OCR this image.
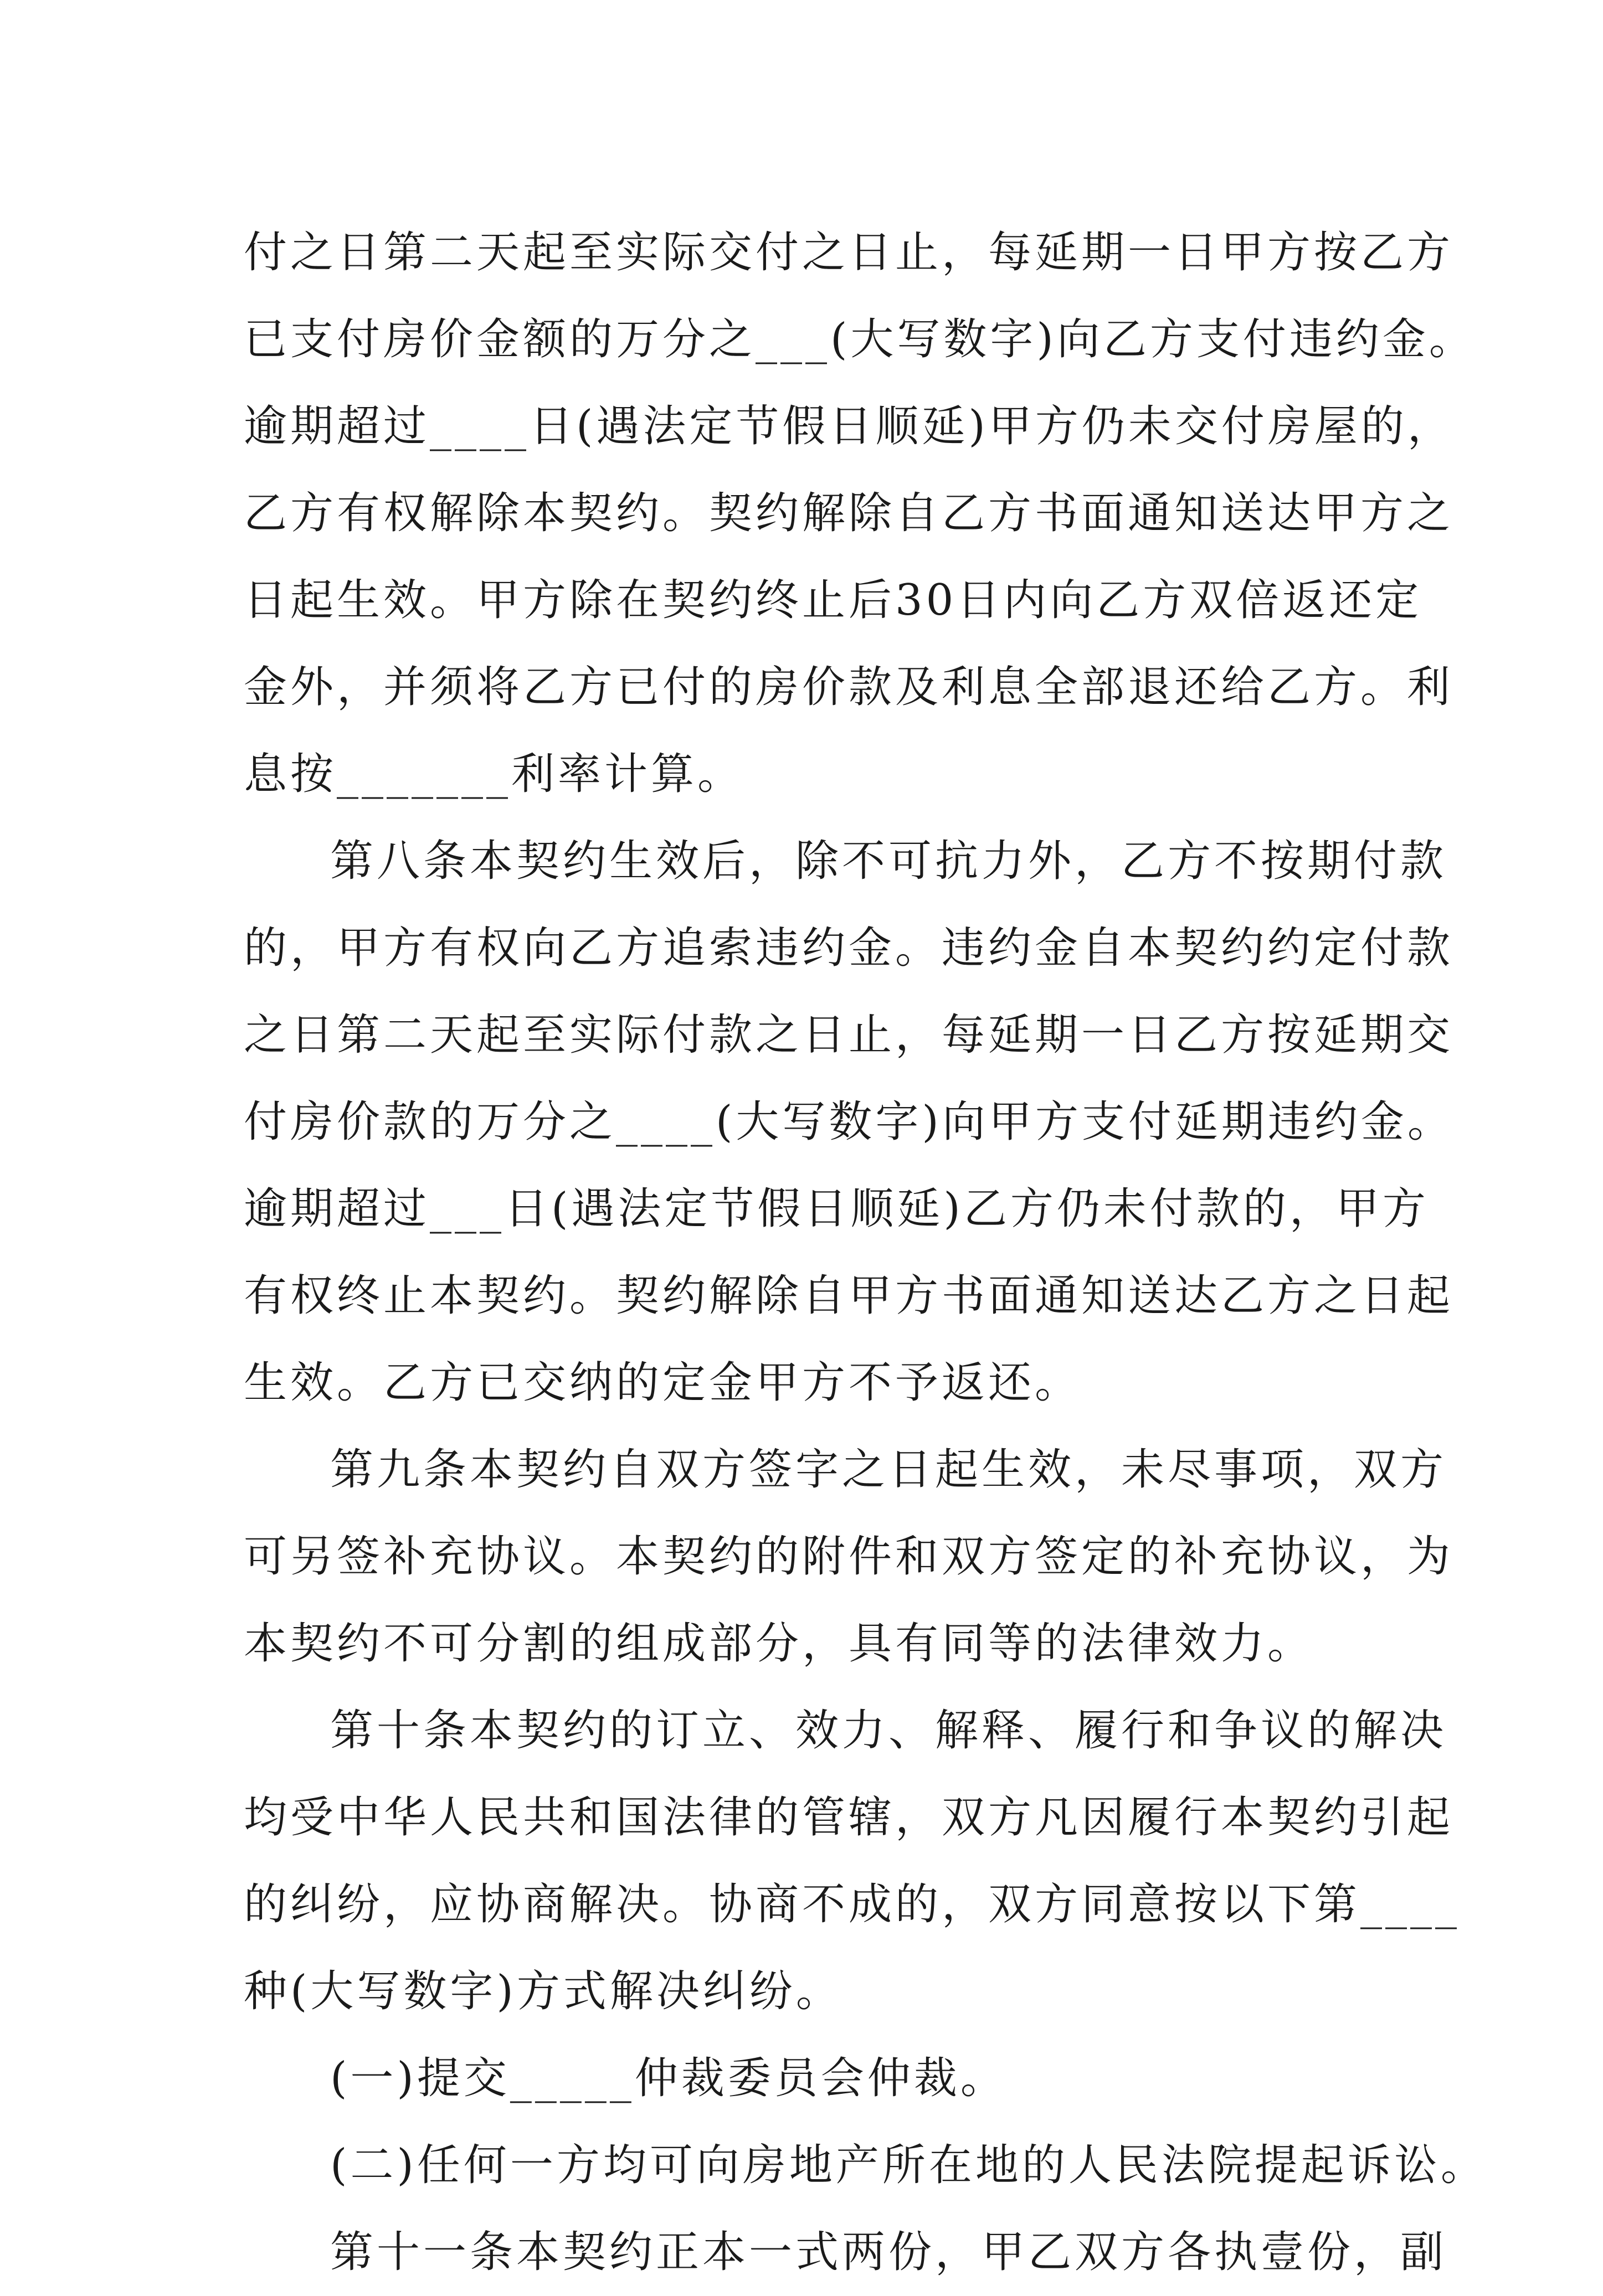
付之日第二天起至实际交付之日止，每延期一日甲方按乙方
已支付房价金额的万分之___(大写数字)向乙方支付违约金。
逾期超过____日(遇法定节假日顺延)甲方仍未交付房屋的，
乙方有权解除本契约。契约解除自乙方书面通知送达甲方之
日起生效。甲方除在契约终止后30日内向乙方双倍返还定
金外，并须将乙方已付的房价款及利息全部退还给乙方。利
息按_______利率计算。

第八条本契约生效后，除不可抗力外，乙方不按期付款
的，甲方有权向乙方追索违约金。违约金自本契约约定付款
之日第二天起至实际付款之日止，每延期一日乙方按延期交
付房价款的万分之____(大写数字)向甲方支付延期违约金。
逾期超过___日(遇法定节假日顺延)乙方仍未付款的，甲方
有权终止本契约。契约解除自甲方书面通知送达乙方之日起
生效。乙方已交纳的定金甲方不予返还。

第九条本契约自双方签字之日起生效，未尽事项，双方
可另签补充协议。本契约的附件和双方签定的补充协议，为
本契约不可分割的组成部分，具有同等的法律效力。

第十条本契约的订立、效力、解释、履行和争议的解决
均受中华人民共和国法律的管辖，双方凡因履行本契约引起
的纠纷，应协商解决。协商不成的，双方同意按以下第____
种(大写数字)方式解决纠纷。

(一)提交_____仲裁委员会仲裁。

(二)任何一方均可向房地产所在地的人民法院提起诉讼。

第十一条本契约正本一式两份，甲乙双方各执壹份，副
